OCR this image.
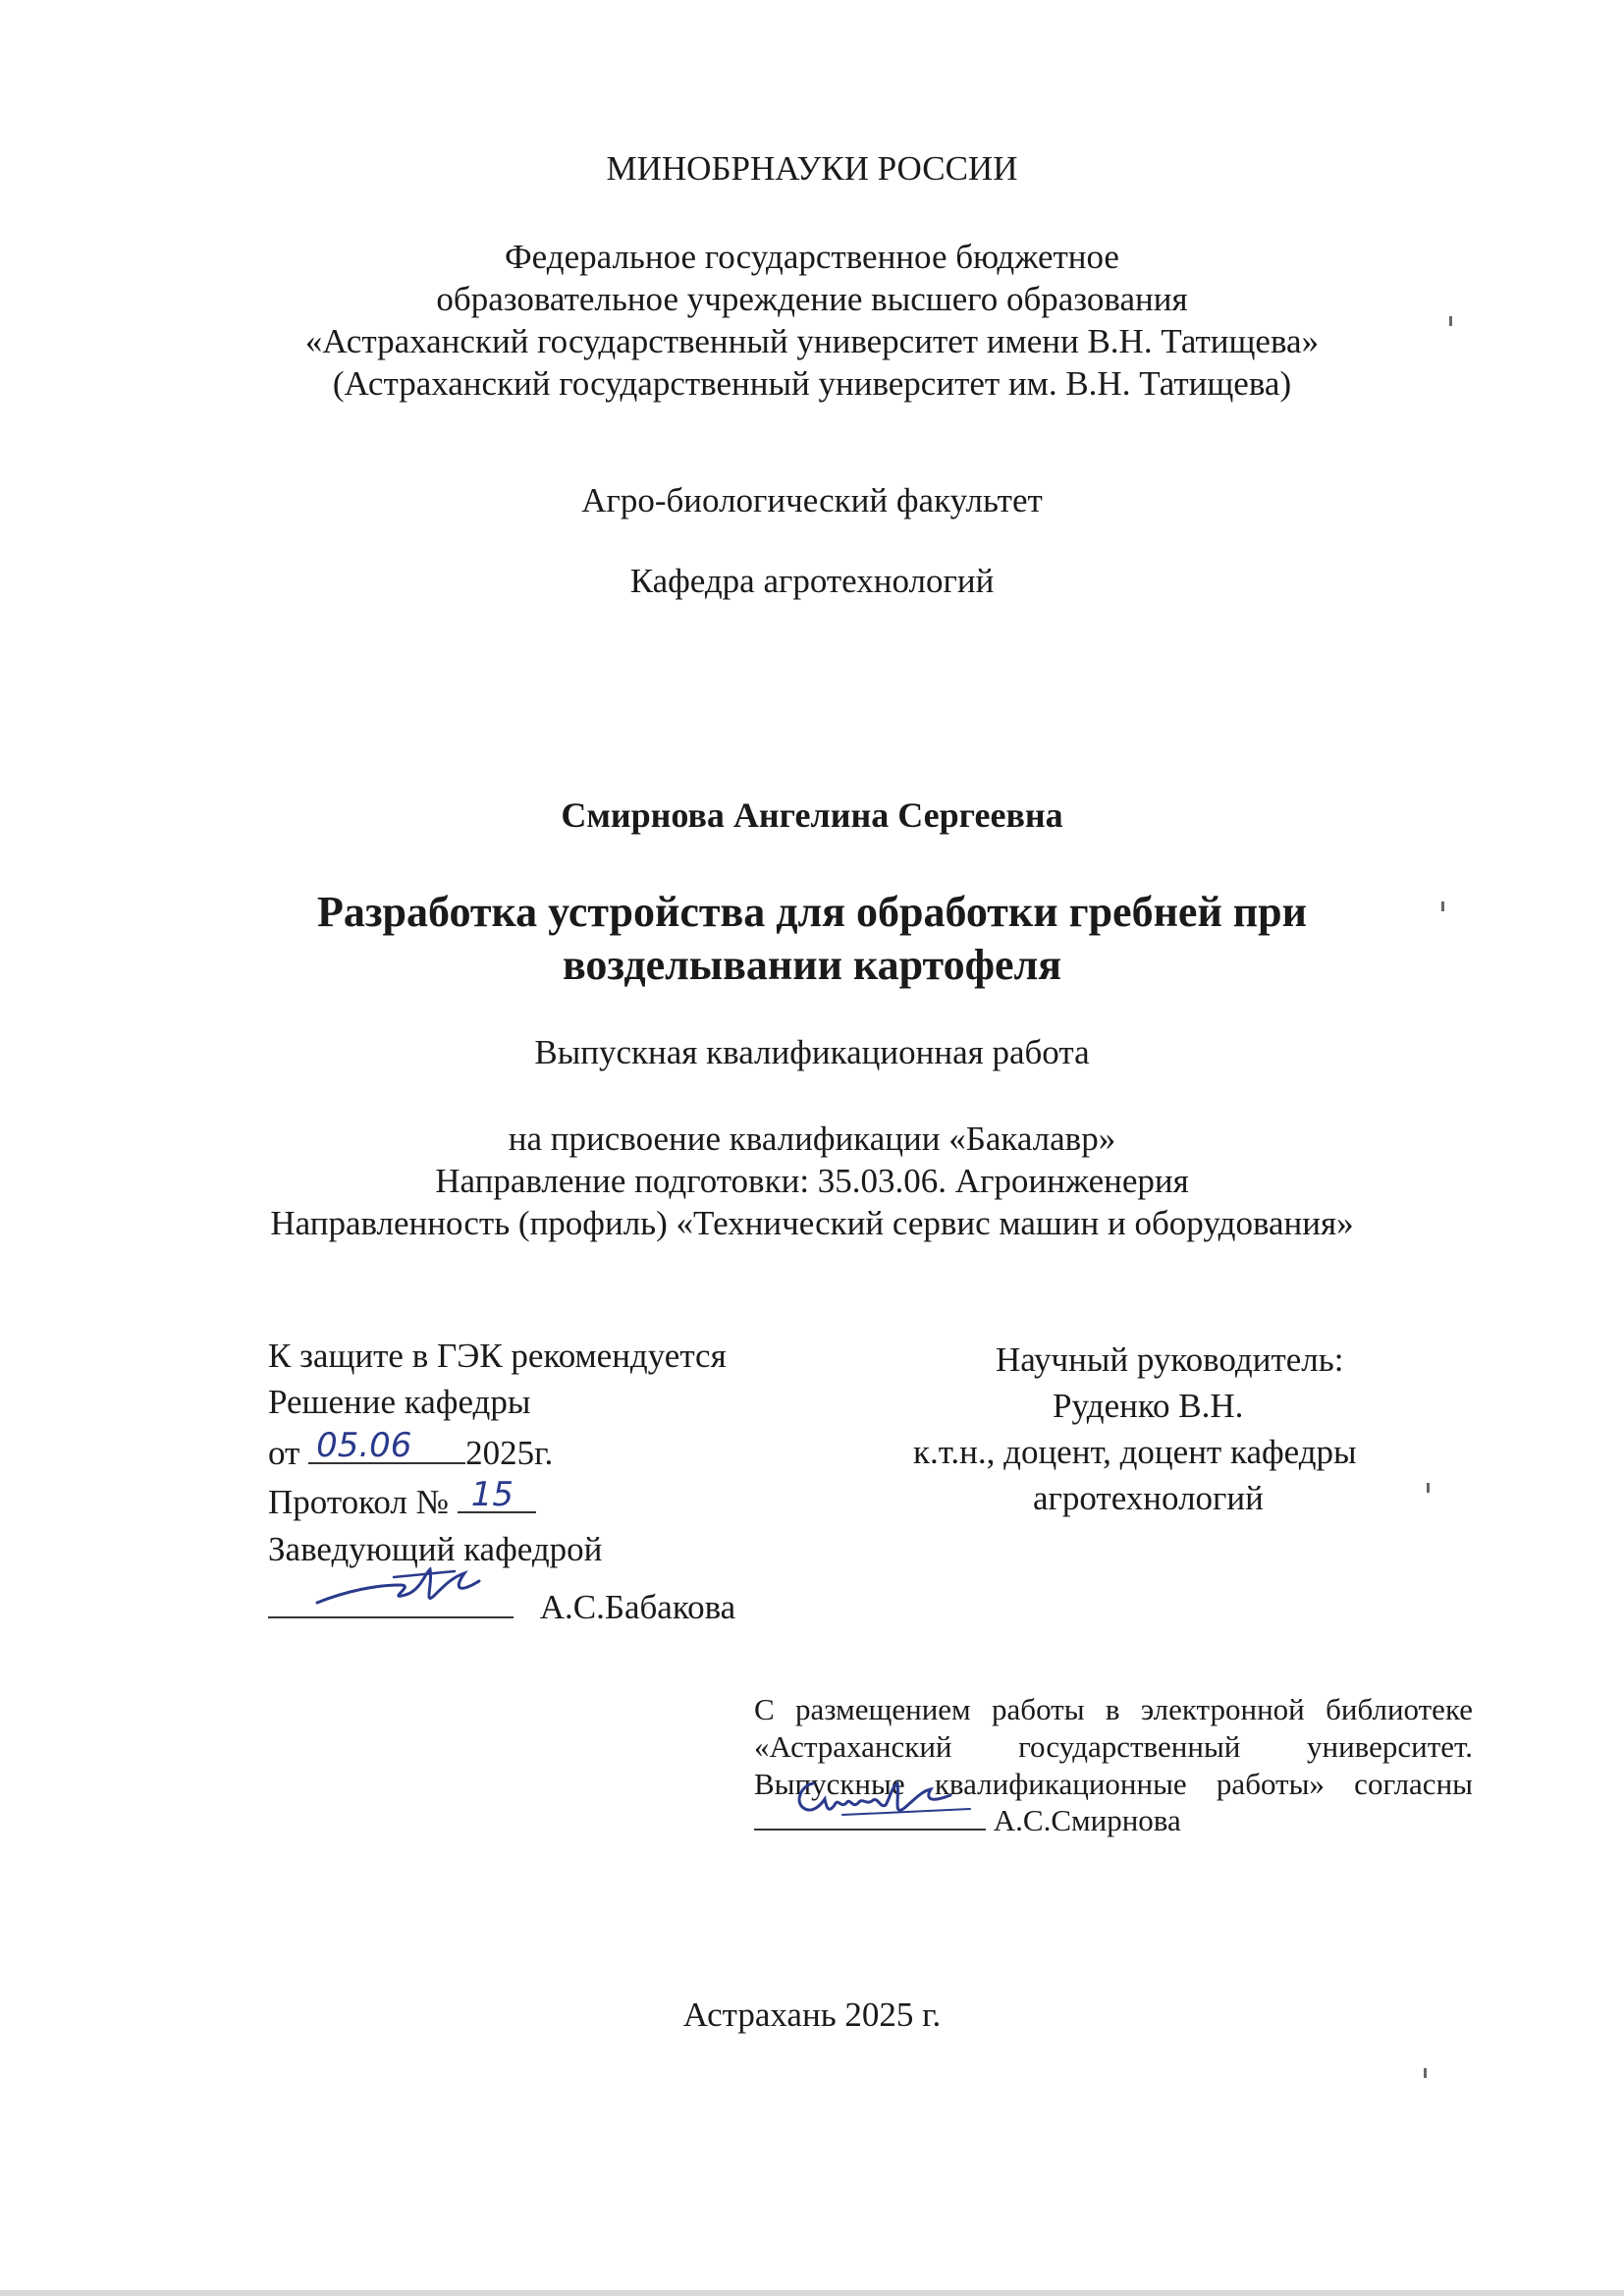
МИНОБРНАУКИ РОССИИ
Федеральное государственное бюджетное
образовательное учреждение высшего образования
«Астраханский государственный университет имени В.Н. Татищева»
(Астраханский государственный университет им. В.Н. Татищева)
Агро-биологический факультет
Кафедра агротехнологий
Смирнова Ангелина Сергеевна
Разработка устройства для обработки гребней при
возделывании картофеля
Выпускная квалификационная работа
на присвоение квалификации «Бакалавр»
Направление подготовки: 35.03.06. Агроинженерия
Направленность (профиль) «Технический сервис машин и оборудования»
К защите в ГЭК рекомендуется
Решение кафедры
от 05.06 2025г.
Протокол № 15
Заведующий кафедрой
А.С.Бабакова
Научный руководитель:
Руденко В.Н.
к.т.н., доцент, доцент кафедры
агротехнологий
С размещением работы в электронной библиотеке
«Астраханский государственный университет.
Выпускные квалификационные работы» согласны
А.С.Смирнова
Астрахань 2025 г.
